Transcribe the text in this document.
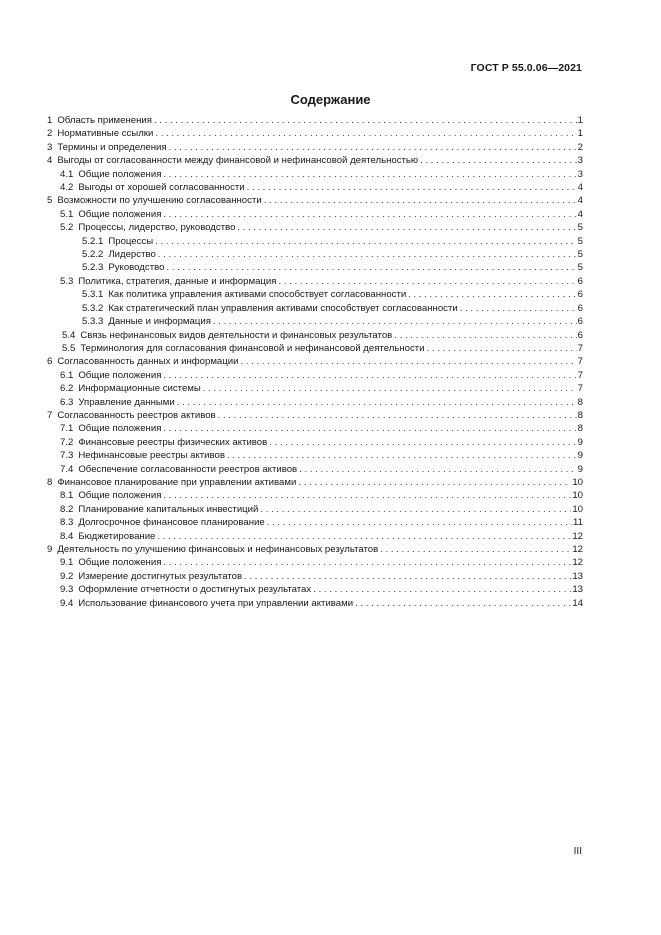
ГОСТ Р 55.0.06—2021
Содержание
1 Область применения . . .	1
2 Нормативные ссылки . . .	1
3 Термины и определения . . .	2
4 Выгоды от согласованности между финансовой и нефинансовой деятельностью . . .	3
4.1 Общие положения . . .	3
4.2 Выгоды от хорошей согласованности . . .	4
5 Возможности по улучшению согласованности . . .	4
5.1 Общие положения . . .	4
5.2 Процессы, лидерство, руководство . . .	5
5.2.1 Процессы . . .	5
5.2.2 Лидерство . . .	5
5.2.3 Руководство . . .	5
5.3 Политика, стратегия, данные и информация . . .	6
5.3.1 Как политика управления активами способствует согласованности . . .	6
5.3.2 Как стратегический план управления активами способствует согласованности . . .	6
5.3.3 Данные и информация . . .	6
5.4 Связь нефинансовых видов деятельности и финансовых результатов . . .	6
5.5 Терминология для согласования финансовой и нефинансовой деятельности . . .	7
6 Согласованность данных и информации . . .	7
6.1 Общие положения . . .	7
6.2 Информационные системы . . .	7
6.3 Управление данными . . .	8
7 Согласованность реестров активов . . .	8
7.1 Общие положения . . .	8
7.2 Финансовые реестры физических активов . . .	9
7.3 Нефинансовые реестры активов . . .	9
7.4 Обеспечение согласованности реестров активов . . .	9
8 Финансовое планирование при управлении активами . . .	10
8.1 Общие положения . . .	10
8.2 Планирование капитальных инвестиций . . .	10
8.3 Долгосрочное финансовое планирование . . .	11
8.4 Бюджетирование . . .	12
9 Деятельность по улучшению финансовых и нефинансовых результатов . . .	12
9.1 Общие положения . . .	12
9.2 Измерение достигнутых результатов . . .	13
9.3 Оформление отчетности о достигнутых результатах . . .	13
9.4 Использование финансового учета при управлении активами . . .	14
III
